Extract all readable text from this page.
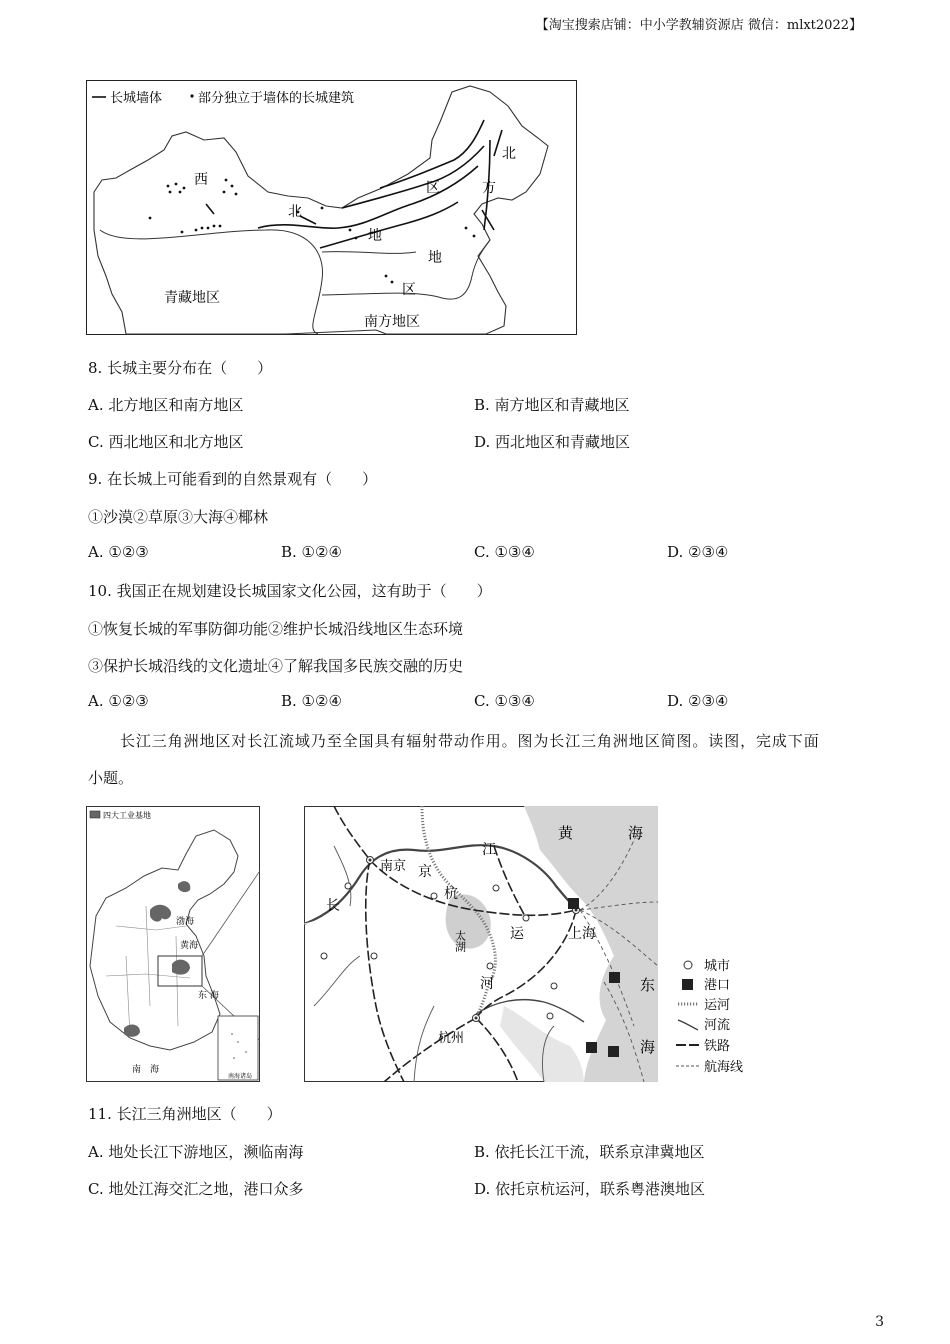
【淘宝搜索店铺：中小学教辅资源店 微信：mlxt2022】
长城墙体	部分独立于墙体的长城建筑
西
北
地
区
北
方
地
区
青藏地区
南方地区
8. 长城主要分布在（　　）
A. 北方地区和南方地区	B. 南方地区和青藏地区
C. 西北地区和北方地区	D. 西北地区和青藏地区
9. 在长城上可能看到的自然景观有（　　）
①沙漠②草原③大海④椰林
A. ①②③	B. ①②④	C. ①③④	D. ②③④
10. 我国正在规划建设长城国家文化公园，这有助于（　　）
①恢复长城的军事防御功能②维护长城沿线地区生态环境
③保护长城沿线的文化遗址④了解我国多民族交融的历史
A. ①②③	B. ①②④	C. ①③④	D. ②③④
长江三角洲地区对长江流域乃至全国具有辐射带动作用。图为长江三角洲地区简图。读图，完成下面
小题。
四大工业基地
南海诸岛
渤海
黄海
东 海
南　海
黄	海
江
长
南京 京
杭
运
河
太湖	上海
杭州
东
海
城市
港口
运河
河流
铁路
航海线
11. 长江三角洲地区（　　）
A. 地处长江下游地区，濒临南海	B. 依托长江干流，联系京津冀地区
C. 地处江海交汇之地，港口众多	D. 依托京杭运河，联系粤港澳地区
3
